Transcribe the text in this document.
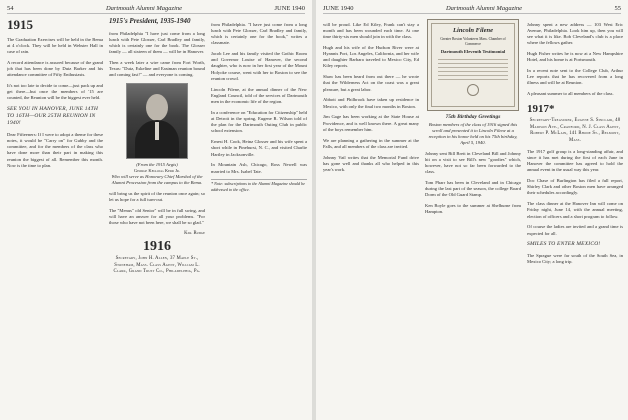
54	Dartmouth Alumni Magazine	JUNE 1940
1915

The Graduation Exercises will be held in the Bema at 4 o'clock. They will be held in Webster Hall in case of rain.

A record attendance is assured because of the grand job that has been done by Dutz Barker and his attendance committee of Fifty Enthusiasts.

It's not too late to decide to come—just pack up and get there—but once the members of '15 are counted, the Reunion will be the biggest ever held.

SEE YOU IN HANOVER, JUNE 14TH TO 16TH—OUR 25TH REUNION IN 1940!

Dear Fifteeners: If I were to adopt a theme for these notes, it would be "Carry on" for Gubby and the committee, and for the members of the class who have done more than their part in making this reunion the biggest of all. Remember this month. Now is the time to plan.

1915's President, 1935-1940

from Philadelphia "I have just come from a long lunch with Pete Glosser, Carl Bradley and family, which is certainly one for the book. The Glosser family — all sixteen of them — will be in Hanover.

Then a week later a wire came from Fort Worth, Texas: "Dutz, Eskeline and Eastman reunion bound and coming fast!" — and everyone is coming.

(From the 1915 Aegis)
George Kellogg Kerr Jr.
Who will serve as Honorary Chief Marshal of the Alumni Procession from the campus to the Bema.

will bring us the spirit of the reunion once again; so let us hope for a full turn-out.

The "Menus" old Senior" will be in full swing, and will have an answer for all your problems. "For those who have not been here, we shall be so glad."

Kill Rudge
1916
Secretary, John H. Allen, 37 Maple St., Stoneham, Mass. Class Agent, William L. Clark, Grand Trust Co., Philadelphia, Pa.

from Philadelphia. "I have just come from a long lunch with Pete Glosser, Carl Bradley and family, which is certainly one for the book," writes a classmate.

Jacob Lee and his family visited the Gothic Room and Governor Louise of Hanover, the second daughter, who is now in her first year of the Mount Holyoke course, went with her to Boston to see the reunion crowd.

Lincoln Filene, at the annual dinner of the New England Council, told of the services of Dartmouth men in the economic life of the region.

In a conference on "Education for Citizenship" held at Detroit in the spring, Eugene R. Wilson told of the plan for the Dartmouth Outing Club in public school extension.

Ernest H. Cook, Heinz Glosser and his wife spent a short while in Pinehurst, N. C., and visited Charlie Hartley in Jacksonville.

In Mountain Ash, Chicago, Ross Newell was married to Mrs. Isabel Tate.

* Note: subscriptions to the Alumni Magazine should be addressed to the office.
JUNE 1940	Dartmouth Alumni Magazine	55

will be proud. Like Ed Kiley, Frank can't stay a month and has been wounded each time. At one time thirty-six men should join in with the class.

Hugh and his wife of the Hudson River were at Hyannis Port, Los Angeles, California, and her wife and daughter Barbara traveled to Mexico City, Ed Kiley reports.

Shaw has been heard from out there — he wrote that the Wilderness Act on the coast was a great pleasure, but a great labor.

Abbott and Philbrook have taken up residence in Mexico, with only the final two months in Boston.

Jim Gage has been working at the State House at Providence, and is well known there. A great many of the boys remember him.

We are planning a gathering in the summer at the Falls, and all members of the class are invited.

Johnny Vail writes that the Memorial Fund drive has gone well and thanks all who helped in this year's work.

Lincoln Filene
Greater Boston Volunteers Mass. Chamber of Commerce
Dartmouth Eleventh Testimonial
75th Birthday Greetings
Boston members of the class of 1916 signed this scroll and presented it to Lincoln Filene at a reception in his honor held on his 75th birthday, April 5, 1940.

Johnny sent Bill Brett in Cleveland Bill and Johnny hit on a visit to see Bill's new "goodies" which, however, have not so far been forwarded to the class.

Tom Pharr has been in Cleveland and in Chicago during the last part of the season, the college Board Dorm of the Old Guard Stamp.

Ken Boyle goes to the summer at Shelburne from Hampton.

Johnny spent a new address — 103 West Eric Avenue, Philadelphia. Look him up, then you will see what it is like. Bob Cleveland's club is a place where the fellows gather.

Hugh Fisher writes he is now at a New Hampshire Hotel, and his home is at Portsmouth.

In a recent note sent to the College Club, Arthur Lee reports that he has recovered from a long illness and will be at Reunion.

A pleasant summer to all members of the class.

1917*
Secretary-Treasurer, Eugene S. Sinclair, 48 Madison Ave., Cranford, N. J. Class Agent, Robert P. McLain, 141 Rhode St., Belmont, Mass.

The 1917 golf group is a long-standing affair, and since it has met during the first of each June in Hanover the committee has agreed to hold the annual event in the usual way this year.

Doc Chase of Burlington has filed a full report, Shirley Clark and other Boston men have arranged their schedules accordingly.

The class dinner at the Hanover Inn will come on Friday night, June 14, with the annual meeting, election of officers and a short program to follow.

Of course the ladies are invited and a grand time is expected for all.

SMILES TO ENTER MEXICO!

The Sprague were far south of the South Sea, in Mexico City; a long trip.
